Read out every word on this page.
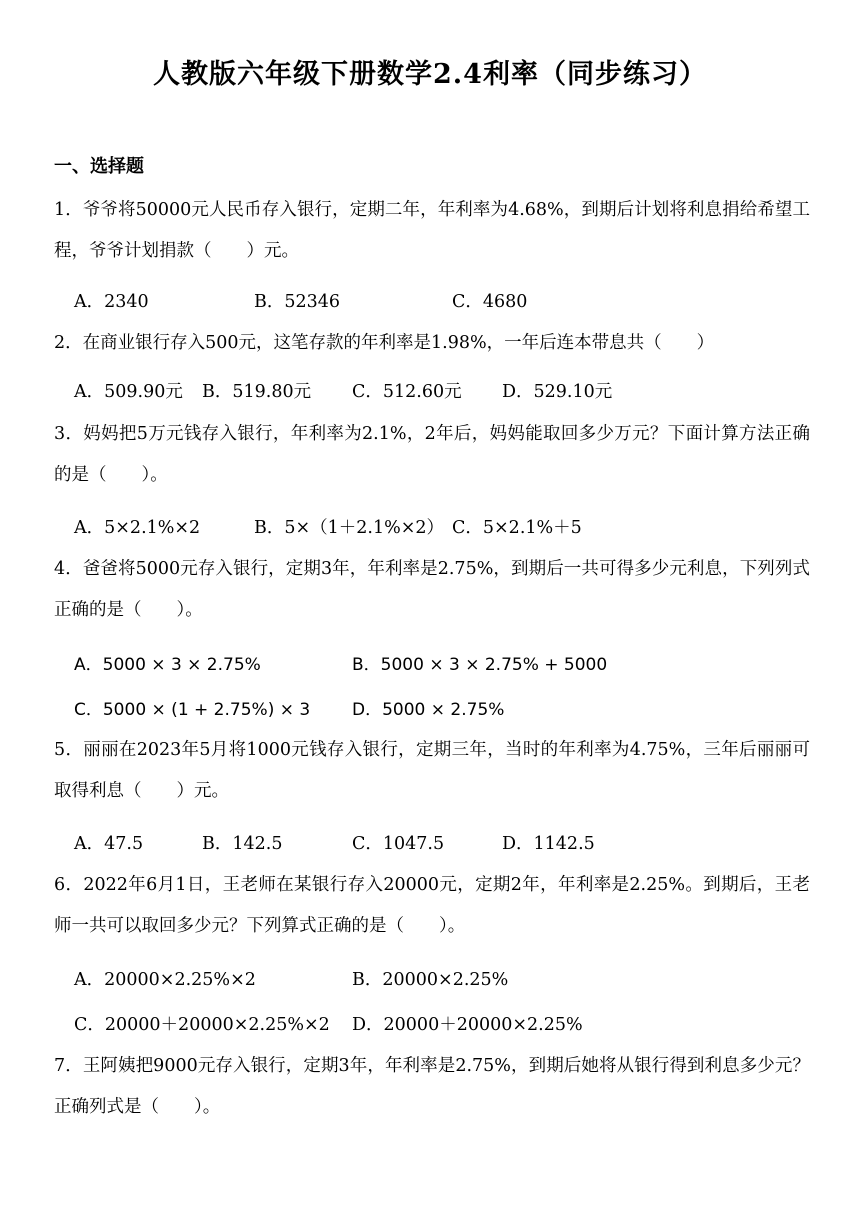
人教版六年级下册数学2.4利率（同步练习）
一、选择题
1．爷爷将50000元人民币存入银行，定期二年，年利率为4.68%，到期后计划将利息捐给希望工程，爷爷计划捐款（　　）元。
A．2340	B．52346	C．4680
2．在商业银行存入500元，这笔存款的年利率是1.98%，一年后连本带息共（　　）
A．509.90元 B．519.80元 C．512.60元 D．529.10元
3．妈妈把5万元钱存入银行，年利率为2.1%，2年后，妈妈能取回多少万元？下面计算方法正确的是（　　）。
A．5×2.1%×2	B．5×（1＋2.1%×2） C．5×2.1%＋5
4．爸爸将5000元存入银行，定期3年，年利率是2.75%，到期后一共可得多少元利息，下列列式正确的是（　　）。
A．5000 × 3 × 2.75%	B．5000 × 3 × 2.75% + 5000
C．5000 × (1 + 2.75%) × 3 D．5000 × 2.75%
5．丽丽在2023年5月将1000元钱存入银行，定期三年，当时的年利率为4.75%，三年后丽丽可取得利息（　　）元。
A．47.5	B．142.5	C．1047.5	D．1142.5
6．2022年6月1日，王老师在某银行存入20000元，定期2年，年利率是2.25%。到期后，王老师一共可以取回多少元？下列算式正确的是（　　）。
A．20000×2.25%×2	B．20000×2.25%
C．20000＋20000×2.25%×2 D．20000＋20000×2.25%
7．王阿姨把9000元存入银行，定期3年，年利率是2.75%，到期后她将从银行得到利息多少元？正确列式是（　　）。
